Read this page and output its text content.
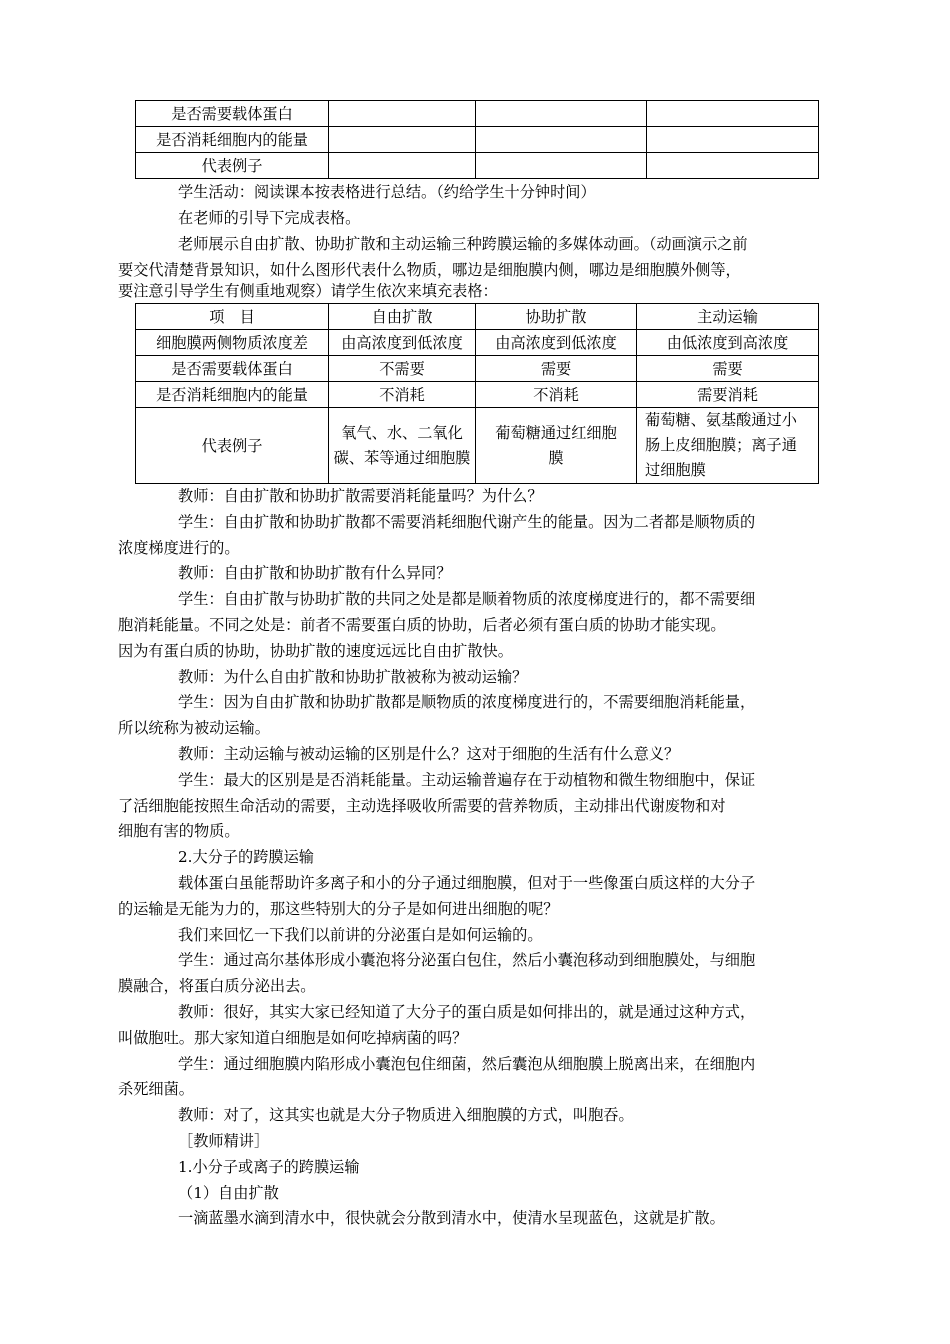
是否需要载体蛋白			
是否消耗细胞内的能量			
代表例子			
学生活动：阅读课本按表格进行总结。（约给学生十分钟时间）
在老师的引导下完成表格。
老师展示自由扩散、协助扩散和主动运输三种跨膜运输的多媒体动画。（动画演示之前
要交代清楚背景知识，如什么图形代表什么物质，哪边是细胞膜内侧，哪边是细胞膜外侧等，
要注意引导学生有侧重地观察）请学生依次来填充表格：
项　目	自由扩散	协助扩散	主动运输
细胞膜两侧物质浓度差	由高浓度到低浓度	由高浓度到低浓度	由低浓度到高浓度
是否需要载体蛋白	不需要	需要	需要
是否消耗细胞内的能量	不消耗	不消耗	需要消耗
代表例子	氧气、水、二氧化碳、苯等通过细胞膜	葡萄糖通过红细胞膜	葡萄糖、氨基酸通过小肠上皮细胞膜；离子通过细胞膜
教师：自由扩散和协助扩散需要消耗能量吗？为什么？
学生：自由扩散和协助扩散都不需要消耗细胞代谢产生的能量。因为二者都是顺物质的
浓度梯度进行的。
教师：自由扩散和协助扩散有什么异同？
学生：自由扩散与协助扩散的共同之处是都是顺着物质的浓度梯度进行的，都不需要细
胞消耗能量。不同之处是：前者不需要蛋白质的协助，后者必须有蛋白质的协助才能实现。
因为有蛋白质的协助，协助扩散的速度远远比自由扩散快。
教师：为什么自由扩散和协助扩散被称为被动运输？
学生：因为自由扩散和协助扩散都是顺物质的浓度梯度进行的，不需要细胞消耗能量，
所以统称为被动运输。
教师：主动运输与被动运输的区别是什么？这对于细胞的生活有什么意义？
学生：最大的区别是是否消耗能量。主动运输普遍存在于动植物和微生物细胞中，保证
了活细胞能按照生命活动的需要，主动选择吸收所需要的营养物质，主动排出代谢废物和对
细胞有害的物质。
2.大分子的跨膜运输
载体蛋白虽能帮助许多离子和小的分子通过细胞膜，但对于一些像蛋白质这样的大分子
的运输是无能为力的，那这些特别大的分子是如何进出细胞的呢？
我们来回忆一下我们以前讲的分泌蛋白是如何运输的。
学生：通过高尔基体形成小囊泡将分泌蛋白包住，然后小囊泡移动到细胞膜处，与细胞
膜融合，将蛋白质分泌出去。
教师：很好，其实大家已经知道了大分子的蛋白质是如何排出的，就是通过这种方式，
叫做胞吐。那大家知道白细胞是如何吃掉病菌的吗？
学生：通过细胞膜内陷形成小囊泡包住细菌，然后囊泡从细胞膜上脱离出来，在细胞内
杀死细菌。
教师：对了，这其实也就是大分子物质进入细胞膜的方式，叫胞吞。
［教师精讲］
1.小分子或离子的跨膜运输
（1）自由扩散
一滴蓝墨水滴到清水中，很快就会分散到清水中，使清水呈现蓝色，这就是扩散。
